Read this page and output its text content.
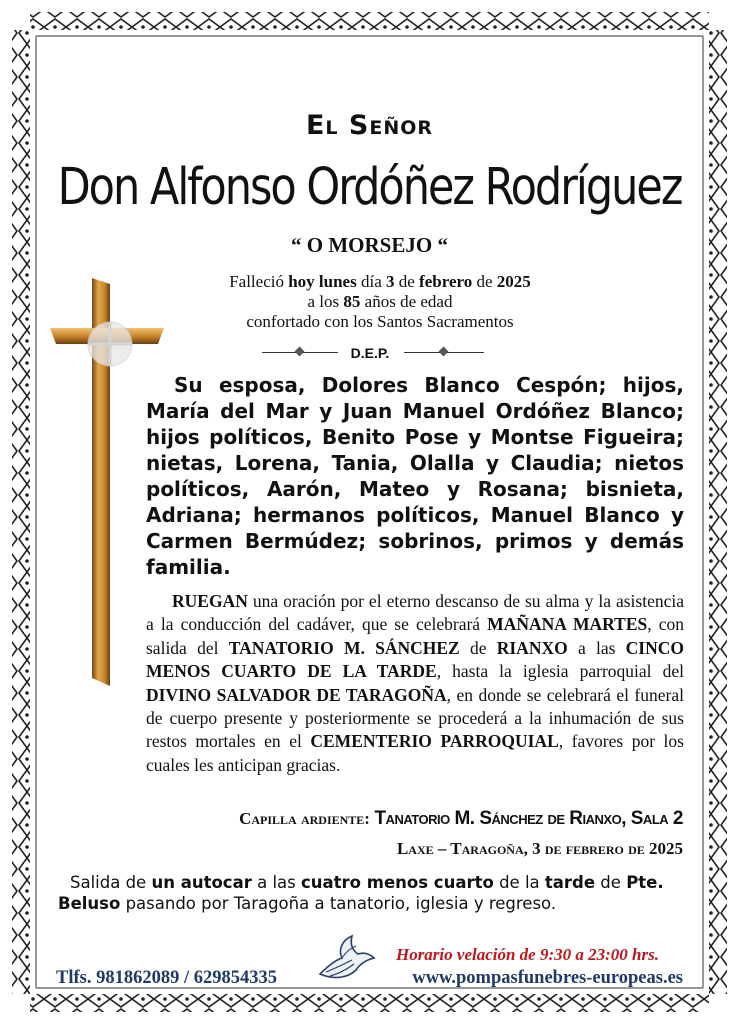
El Señor
Don Alfonso Ordóñez Rodríguez
“ O MORSEJO “
Falleció hoy lunes día 3 de febrero de 2025
a los 85 años de edad
confortado con los Santos Sacramentos
D.E.P.
Su esposa, Dolores Blanco Cespón; hijos, María del Mar y Juan Manuel Ordóñez Blanco; hijos políticos, Benito Pose y Montse Figueira; nietas, Lorena, Tania, Olalla y Claudia; nietos políticos, Aarón, Mateo y Rosana; bisnieta, Adriana; hermanos políticos, Manuel Blanco y Carmen Bermúdez; sobrinos, primos y demás familia.
RUEGAN una oración por el eterno descanso de su alma y la asistencia a la conducción del cadáver, que se celebrará MAÑANA MARTES, con salida del TANATORIO M. SÁNCHEZ de RIANXO a las CINCO MENOS CUARTO DE LA TARDE, hasta la iglesia parroquial del DIVINO SALVADOR DE TARAGOÑA, en donde se celebrará el funeral de cuerpo presente y posteriormente se procederá a la inhumación de sus restos mortales en el CEMENTERIO PARROQUIAL, favores por los cuales les anticipan gracias.
Capilla ardiente: Tanatorio M. Sánchez de Rianxo, Sala 2
Laxe – Taragoña, 3 de febrero de 2025
Salida de un autocar a las cuatro menos cuarto de la tarde de Pte. Beluso pasando por Taragoña a tanatorio, iglesia y regreso.
Horario velación de 9:30 a 23:00 hrs.
Tlfs. 981862089 / 629854335	www.pompasfunebres-europeas.es
